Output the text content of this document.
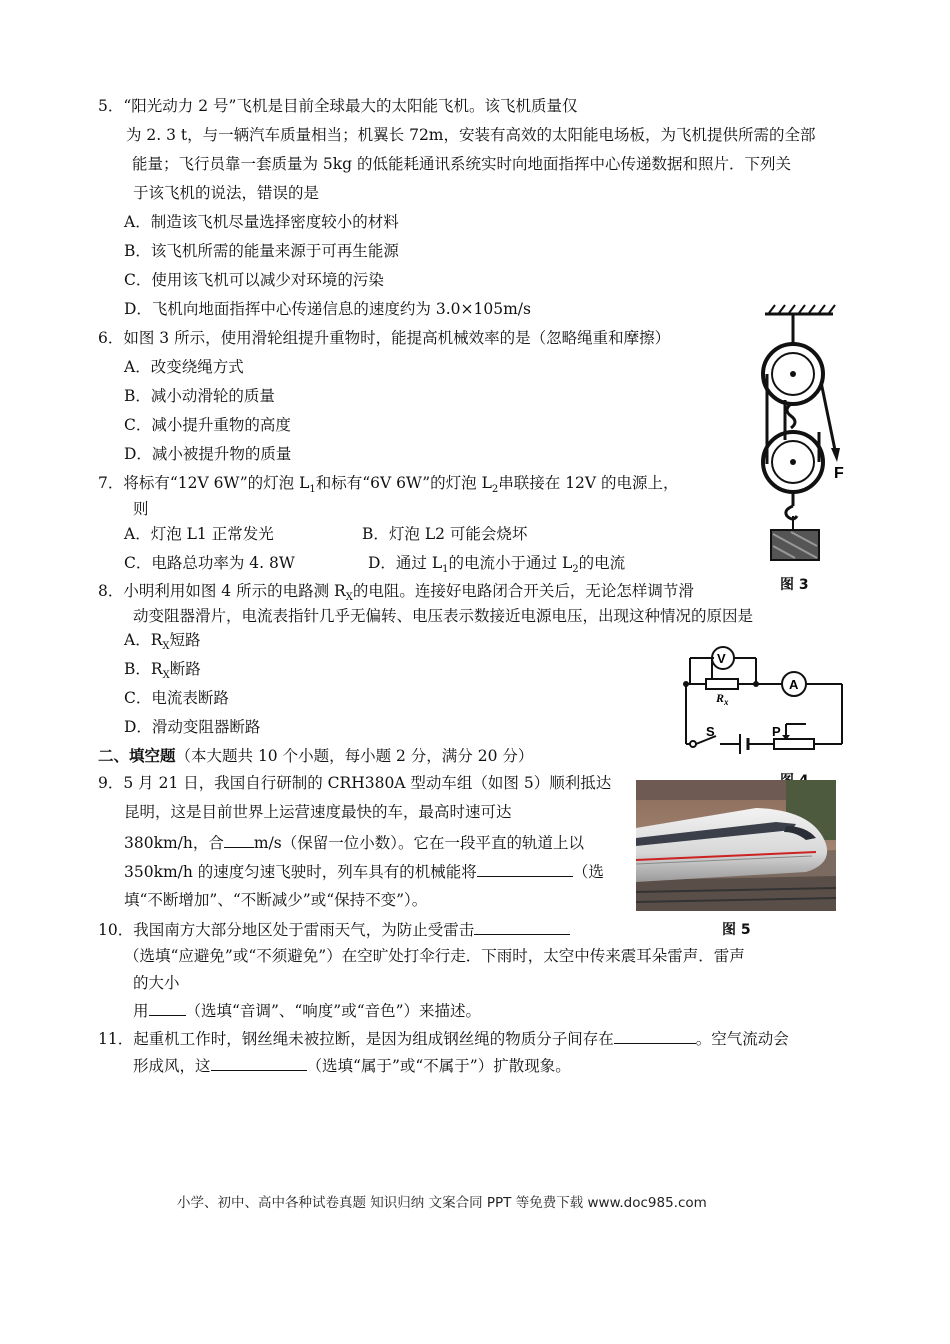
5．“阳光动力 2 号”飞机是目前全球最大的太阳能飞机。该飞机质量仅
为 2. 3 t，与一辆汽车质量相当；机翼长 72m，安装有高效的太阳能电场板，为飞机提供所需的全部
能量；飞行员靠一套质量为 5kg 的低能耗通讯系统实时向地面指挥中心传递数据和照片．下列关
于该飞机的说法，错误的是
A．制造该飞机尽量选择密度较小的材料
B．该飞机所需的能量来源于可再生能源
C．使用该飞机可以减少对环境的污染
D．飞机向地面指挥中心传递信息的速度约为 3.0×105m/s
6．如图 3 所示，使用滑轮组提升重物时，能提高机械效率的是（忽略绳重和摩擦）
A．改变绕绳方式
B．减小动滑轮的质量
C．减小提升重物的高度
D．减小被提升物的质量
7．将标有“12V 6W”的灯泡 $L_1$和标有“6V 6W”的灯泡 $L_2$串联接在 12V 的电源上，
则
A．灯泡 L1 正常发光	B．灯泡 L2 可能会烧坏
C．电路总功率为 4. 8W	D．通过 $L_1$的电流小于通过 $L_2$的电流
8．小明利用如图 4 所示的电路测 $R_X$的电阻。连接好电路闭合开关后，无论怎样调节滑
动变阻器滑片，电流表指针几乎无偏转、电压表示数接近电源电压，出现这种情况的原因是
A．$R_X$短路
B．$R_X$断路
C．电流表断路
D．滑动变阻器断路
二、填空题（本大题共 10 个小题，每小题 2 分，满分 20 分）
9．5 月 21 日，我国自行研制的 CRH380A 型动车组（如图 5）顺利抵达
昆明，这是目前世界上运营速度最快的车，最高时速可达
380km/h，合 m/s（保留一位小数）。它在一段平直的轨道上以
350km/h 的速度匀速飞驶时，列车具有的机械能将	（选
填“不断增加”、“不断减少”或“保持不变”）。
10．我国南方大部分地区处于雷雨天气，为防止受雷击
（选填“应避免”或“不须避免”）在空旷处打伞行走．下雨时，太空中传来震耳朵雷声．雷声
的大小
用 （选填“音调”、“响度”或“音色”）来描述。
11．起重机工作时，钢丝绳未被拉断，是因为组成钢丝绳的物质分子间存在	。空气流动会
形成风，这	（选填“属于”或“不属于”）扩散现象。
F
图 3
V
A
$R_x$
S	P
图 5
小学、初中、高中各种试卷真题 知识归纳 文案合同 PPT 等免费下载 www.doc985.com
